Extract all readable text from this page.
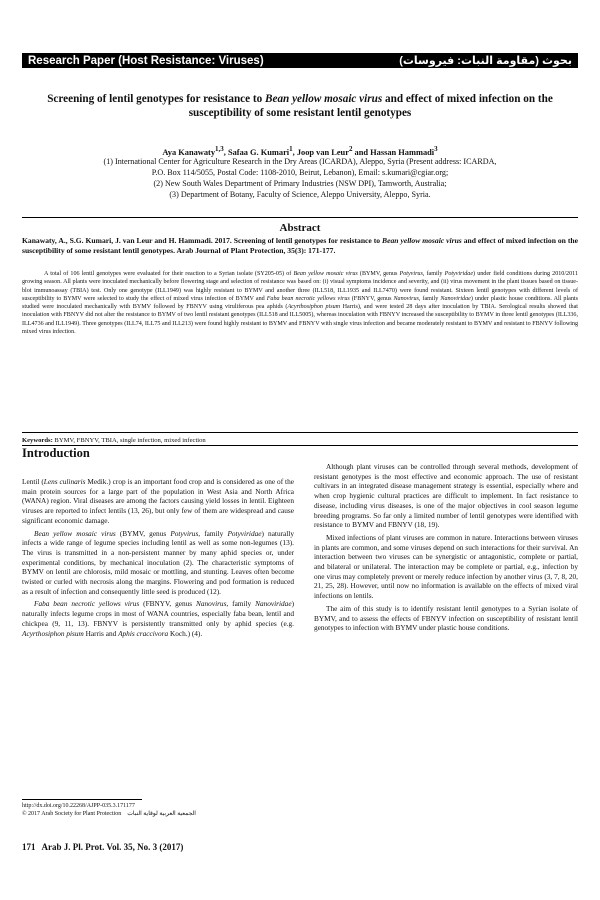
Research Paper (Host Resistance: Viruses)	بحوث (مقاومة النبات: فيروسات)
Screening of lentil genotypes for resistance to Bean yellow mosaic virus and effect of mixed infection on the susceptibility of some resistant lentil genotypes
Aya Kanawaty$^{1,3}$, Safaa G. Kumari$^1$, Joop van Leur$^2$ and Hassan Hammadi$^3$
(1) International Center for Agriculture Research in the Dry Areas (ICARDA), Aleppo, Syria (Present address: ICARDA,
P.O. Box 114/5055, Postal Code: 1108-2010, Beirut, Lebanon), Email: s.kumari@cgiar.org;
(2) New South Wales Department of Primary Industries (NSW DPI), Tamworth, Australia;
(3) Department of Botany, Faculty of Science, Aleppo University, Aleppo, Syria.
Abstract
Kanawaty, A., S.G. Kumari, J. van Leur and H. Hammadi. 2017. Screening of lentil genotypes for resistance to Bean yellow mosaic virus and effect of mixed infection on the susceptibility of some resistant lentil genotypes. Arab Journal of Plant Protection, 35(3): 171-177.
A total of 106 lentil genotypes were evaluated for their reaction to a Syrian isolate (SY205-05) of Bean yellow mosaic virus (BYMV, genus Potyvirus, family Potyviridae) under field conditions during 2010/2011 growing season. All plants were inoculated mechanically before flowering stage and selection of resistance was based on: (i) visual symptoms incidence and severity, and (ii) virus movement in the plant tissues based on tissue-blot immunoassay (TBIA) test. Only one genotype (ILL1949) was highly resistant to BYMV and another three (ILL518, ILL1935 and ILL7470) were found resistant. Sixteen lentil genotypes with different levels of susceptibility to BYMV were selected to study the effect of mixed virus infection of BYMV and Faba bean necrotic yellows virus (FBNYV, genus Nanovirus, family Nanoviridae) under plastic house conditions. All plants studied were inoculated mechanically with BYMV followed by FBNYV using viruliferous pea aphids (Acyrthosiphon pisum Harris), and were tested 28 days after inoculation by TBIA. Serological results showed that inoculation with FBNYV did not alter the resistance to BYMV of two lentil resistant genotypes (ILL518 and ILL5005), whereas inoculation with FBNYV increased the susceptibility to BYMV in three lentil genotypes (ILL336, ILL4736 and ILL1949). Three genotypes (ILL74, ILL75 and ILL213) were found highly resistant to BYMV and FBNYV with single virus infection and became moderately resistant to BYMV and resistant to FBNYV following mixed virus infection.
Keywords: BYMV, FBNYV, TBIA, single infection, mixed infection
Introduction

Lentil (Lens culinaris Medik.) crop is an important food crop and is considered as one of the main protein sources for a large part of the population in West Asia and North Africa (WANA) region. Viral diseases are among the factors causing yield losses in lentil. Eighteen viruses are reported to infect lentils (13, 26), but only few of them are widespread and cause significant economic damage.

Bean yellow mosaic virus (BYMV, genus Potyvirus, family Potyviridae) naturally infects a wide range of legume species including lentil as well as some non-legumes (13). The virus is transmitted in a non-persistent manner by many aphid species or, under experimental conditions, by mechanical inoculation (2). The characteristic symptoms of BYMV on lentil are chlorosis, mild mosaic or mottling, and stunting. Leaves often become twisted or curled with necrosis along the margins. Flowering and pod formation is reduced as a result of infection and consequently little seed is produced (12).

Faba bean necrotic yellows virus (FBNYV, genus Nanovirus, family Nanoviridae) naturally infects legume crops in most of WANA countries, especially faba bean, lentil and chickpea (9, 11, 13). FBNYV is persistently transmitted only by aphid species (e.g. Acyrthosiphon pisum Harris and Aphis craccivora Koch.) (4).

Although plant viruses can be controlled through several methods, development of resistant genotypes is the most effective and economic approach. The use of resistant cultivars in an integrated disease management strategy is essential, especially where and when crop hygienic cultural practices are difficult to implement. In fact resistance to disease, including virus diseases, is one of the major objectives in cool season legume breeding programs. So far only a limited number of lentil genotypes were identified with resistance to BYMV and FBNYV (18, 19).

Mixed infections of plant viruses are common in nature. Interactions between viruses in plants are common, and some viruses depend on such interactions for their survival. An interaction between two viruses can be synergistic or antagonistic, complete or partial, and bilateral or unilateral. The interaction may be complete or partial, e.g., infection by one virus may completely prevent or merely reduce infection by another virus (3, 7, 8, 20, 21, 25, 28). However, until now no information is available on the effects of mixed viral infections on lentils.

The aim of this study is to identify resistant lentil genotypes to a Syrian isolate of BYMV, and to assess the effects of FBNYV infection on susceptibility of resistant lentil genotypes to infection with BYMV under plastic house conditions.

http://dx.doi.org/10.22268/AJPP-035.3.171177
© 2017 Arab Society for Plant Protection الجمعية العربية لوقاية النبات
171 Arab J. Pl. Prot. Vol. 35, No. 3 (2017)
